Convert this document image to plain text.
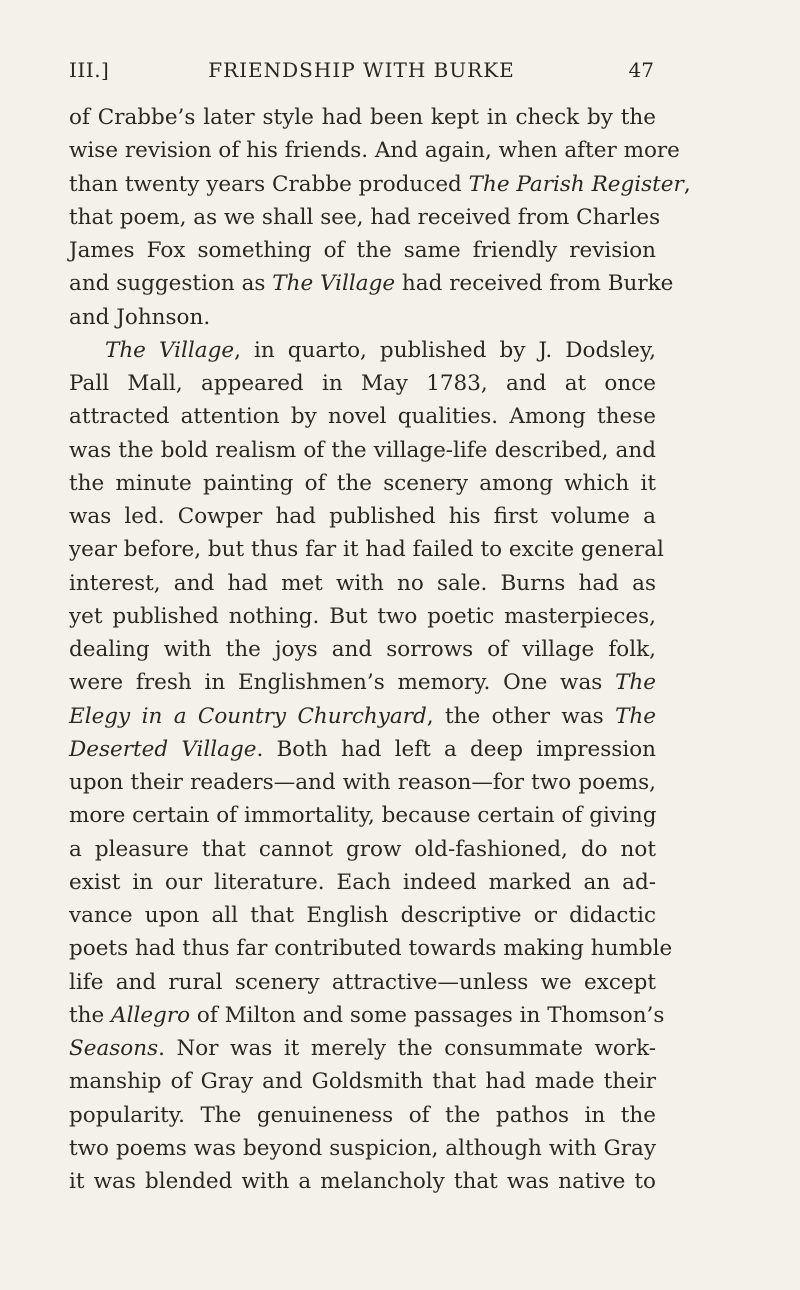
III.]	FRIENDSHIP WITH BURKE	47
of Crabbe’s later style had been kept in check by the
wise revision of his friends. And again, when after more
than twenty years Crabbe produced The Parish Register,
that poem, as we shall see, had received from Charles
James Fox something of the same friendly revision
and suggestion as The Village had received from Burke
and Johnson.
The Village, in quarto, published by J. Dodsley,
Pall Mall, appeared in May 1783, and at once
attracted attention by novel qualities. Among these
was the bold realism of the village-life described, and
the minute painting of the scenery among which it
was led. Cowper had published his first volume a
year before, but thus far it had failed to excite general
interest, and had met with no sale. Burns had as
yet published nothing. But two poetic masterpieces,
dealing with the joys and sorrows of village folk,
were fresh in Englishmen’s memory. One was The
Elegy in a Country Churchyard, the other was The
Deserted Village. Both had left a deep impression
upon their readers—and with reason—for two poems,
more certain of immortality, because certain of giving
a pleasure that cannot grow old-fashioned, do not
exist in our literature. Each indeed marked an ad-
vance upon all that English descriptive or didactic
poets had thus far contributed towards making humble
life and rural scenery attractive—unless we except
the Allegro of Milton and some passages in Thomson’s
Seasons. Nor was it merely the consummate work-
manship of Gray and Goldsmith that had made their
popularity. The genuineness of the pathos in the
two poems was beyond suspicion, although with Gray
it was blended with a melancholy that was native to
